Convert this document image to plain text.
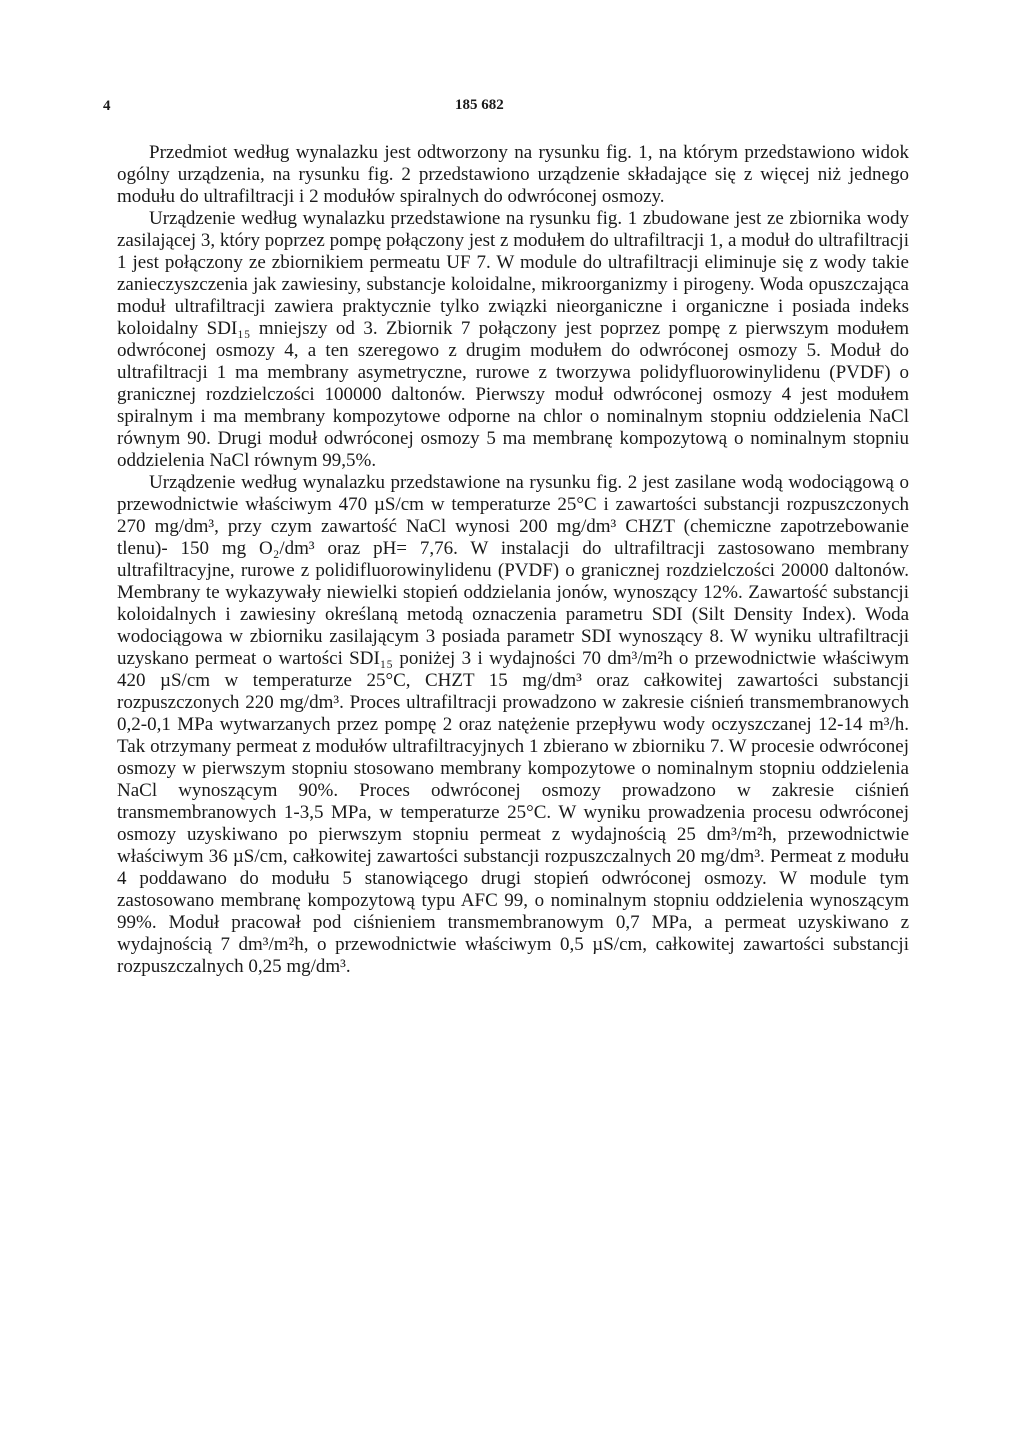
4	185 682

Przedmiot według wynalazku jest odtworzony na rysunku fig. 1, na którym przedstawiono widok ogólny urządzenia, na rysunku fig. 2 przedstawiono urządzenie składające się z więcej niż jednego modułu do ultrafiltracji i 2 modułów spiralnych do odwróconej osmozy.

Urządzenie według wynalazku przedstawione na rysunku fig. 1 zbudowane jest ze zbiornika wody zasilającej 3, który poprzez pompę połączony jest z modułem do ultrafiltracji 1, a moduł do ultrafiltracji 1 jest połączony ze zbiornikiem permeatu UF 7. W module do ultrafiltracji eliminuje się z wody takie zanieczyszczenia jak zawiesiny, substancje koloidalne, mikroorganizmy i pirogeny. Woda opuszczająca moduł ultrafiltracji zawiera praktycznie tylko związki nieorganiczne i organiczne i posiada indeks koloidalny SDI₁₅ mniejszy od 3. Zbiornik 7 połączony jest poprzez pompę z pierwszym modułem odwróconej osmozy 4, a ten szeregowo z drugim modułem do odwróconej osmozy 5. Moduł do ultrafiltracji 1 ma membrany asymetryczne, rurowe z tworzywa polidyfluorowinylidenu (PVDF) o granicznej rozdzielczości 100000 daltonów. Pierwszy moduł odwróconej osmozy 4 jest modułem spiralnym i ma membrany kompozytowe odporne na chlor o nominalnym stopniu oddzielenia NaCl równym 90. Drugi moduł odwróconej osmozy 5 ma membranę kompozytową o nominalnym stopniu oddzielenia NaCl równym 99,5%.

Urządzenie według wynalazku przedstawione na rysunku fig. 2 jest zasilane wodą wodociągową o przewodnictwie właściwym 470 µS/cm w temperaturze 25°C i zawartości substancji rozpuszczonych 270 mg/dm³, przy czym zawartość NaCl wynosi 200 mg/dm³ CHZT (chemiczne zapotrzebowanie tlenu)- 150 mg O₂/dm³ oraz pH= 7,76. W instalacji do ultrafiltracji zastosowano membrany ultrafiltracyjne, rurowe z polidifluorowinylidenu (PVDF) o granicznej rozdzielczości 20000 daltonów. Membrany te wykazywały niewielki stopień oddzielania jonów, wynoszący 12%. Zawartość substancji koloidalnych i zawiesiny określaną metodą oznaczenia parametru SDI (Silt Density Index). Woda wodociągowa w zbiorniku zasilającym 3 posiada parametr SDI wynoszący 8. W wyniku ultrafiltracji uzyskano permeat o wartości SDI₁₅ poniżej 3 i wydajności 70 dm³/m²h o przewodnictwie właściwym 420 µS/cm w temperaturze 25°C, CHZT 15 mg/dm³ oraz całkowitej zawartości substancji rozpuszczonych 220 mg/dm³. Proces ultrafiltracji prowadzono w zakresie ciśnień transmembranowych 0,2-0,1 MPa wytwarzanych przez pompę 2 oraz natężenie przepływu wody oczyszczanej 12-14 m³/h. Tak otrzymany permeat z modułów ultrafiltracyjnych 1 zbierano w zbiorniku 7. W procesie odwróconej osmozy w pierwszym stopniu stosowano membrany kompozytowe o nominalnym stopniu oddzielenia NaCl wynoszącym 90%. Proces odwróconej osmozy prowadzono w zakresie ciśnień transmembranowych 1-3,5 MPa, w temperaturze 25°C. W wyniku prowadzenia procesu odwróconej osmozy uzyskiwano po pierwszym stopniu permeat z wydajnością 25 dm³/m²h, przewodnictwie właściwym 36 µS/cm, całkowitej zawartości substancji rozpuszczalnych 20 mg/dm³. Permeat z modułu 4 poddawano do modułu 5 stanowiącego drugi stopień odwróconej osmozy. W module tym zastosowano membranę kompozytową typu AFC 99, o nominalnym stopniu oddzielenia wynoszącym 99%. Moduł pracował pod ciśnieniem transmembranowym 0,7 MPa, a permeat uzyskiwano z wydajnością 7 dm³/m²h, o przewodnictwie właściwym 0,5 µS/cm, całkowitej zawartości substancji rozpuszczalnych 0,25 mg/dm³.
